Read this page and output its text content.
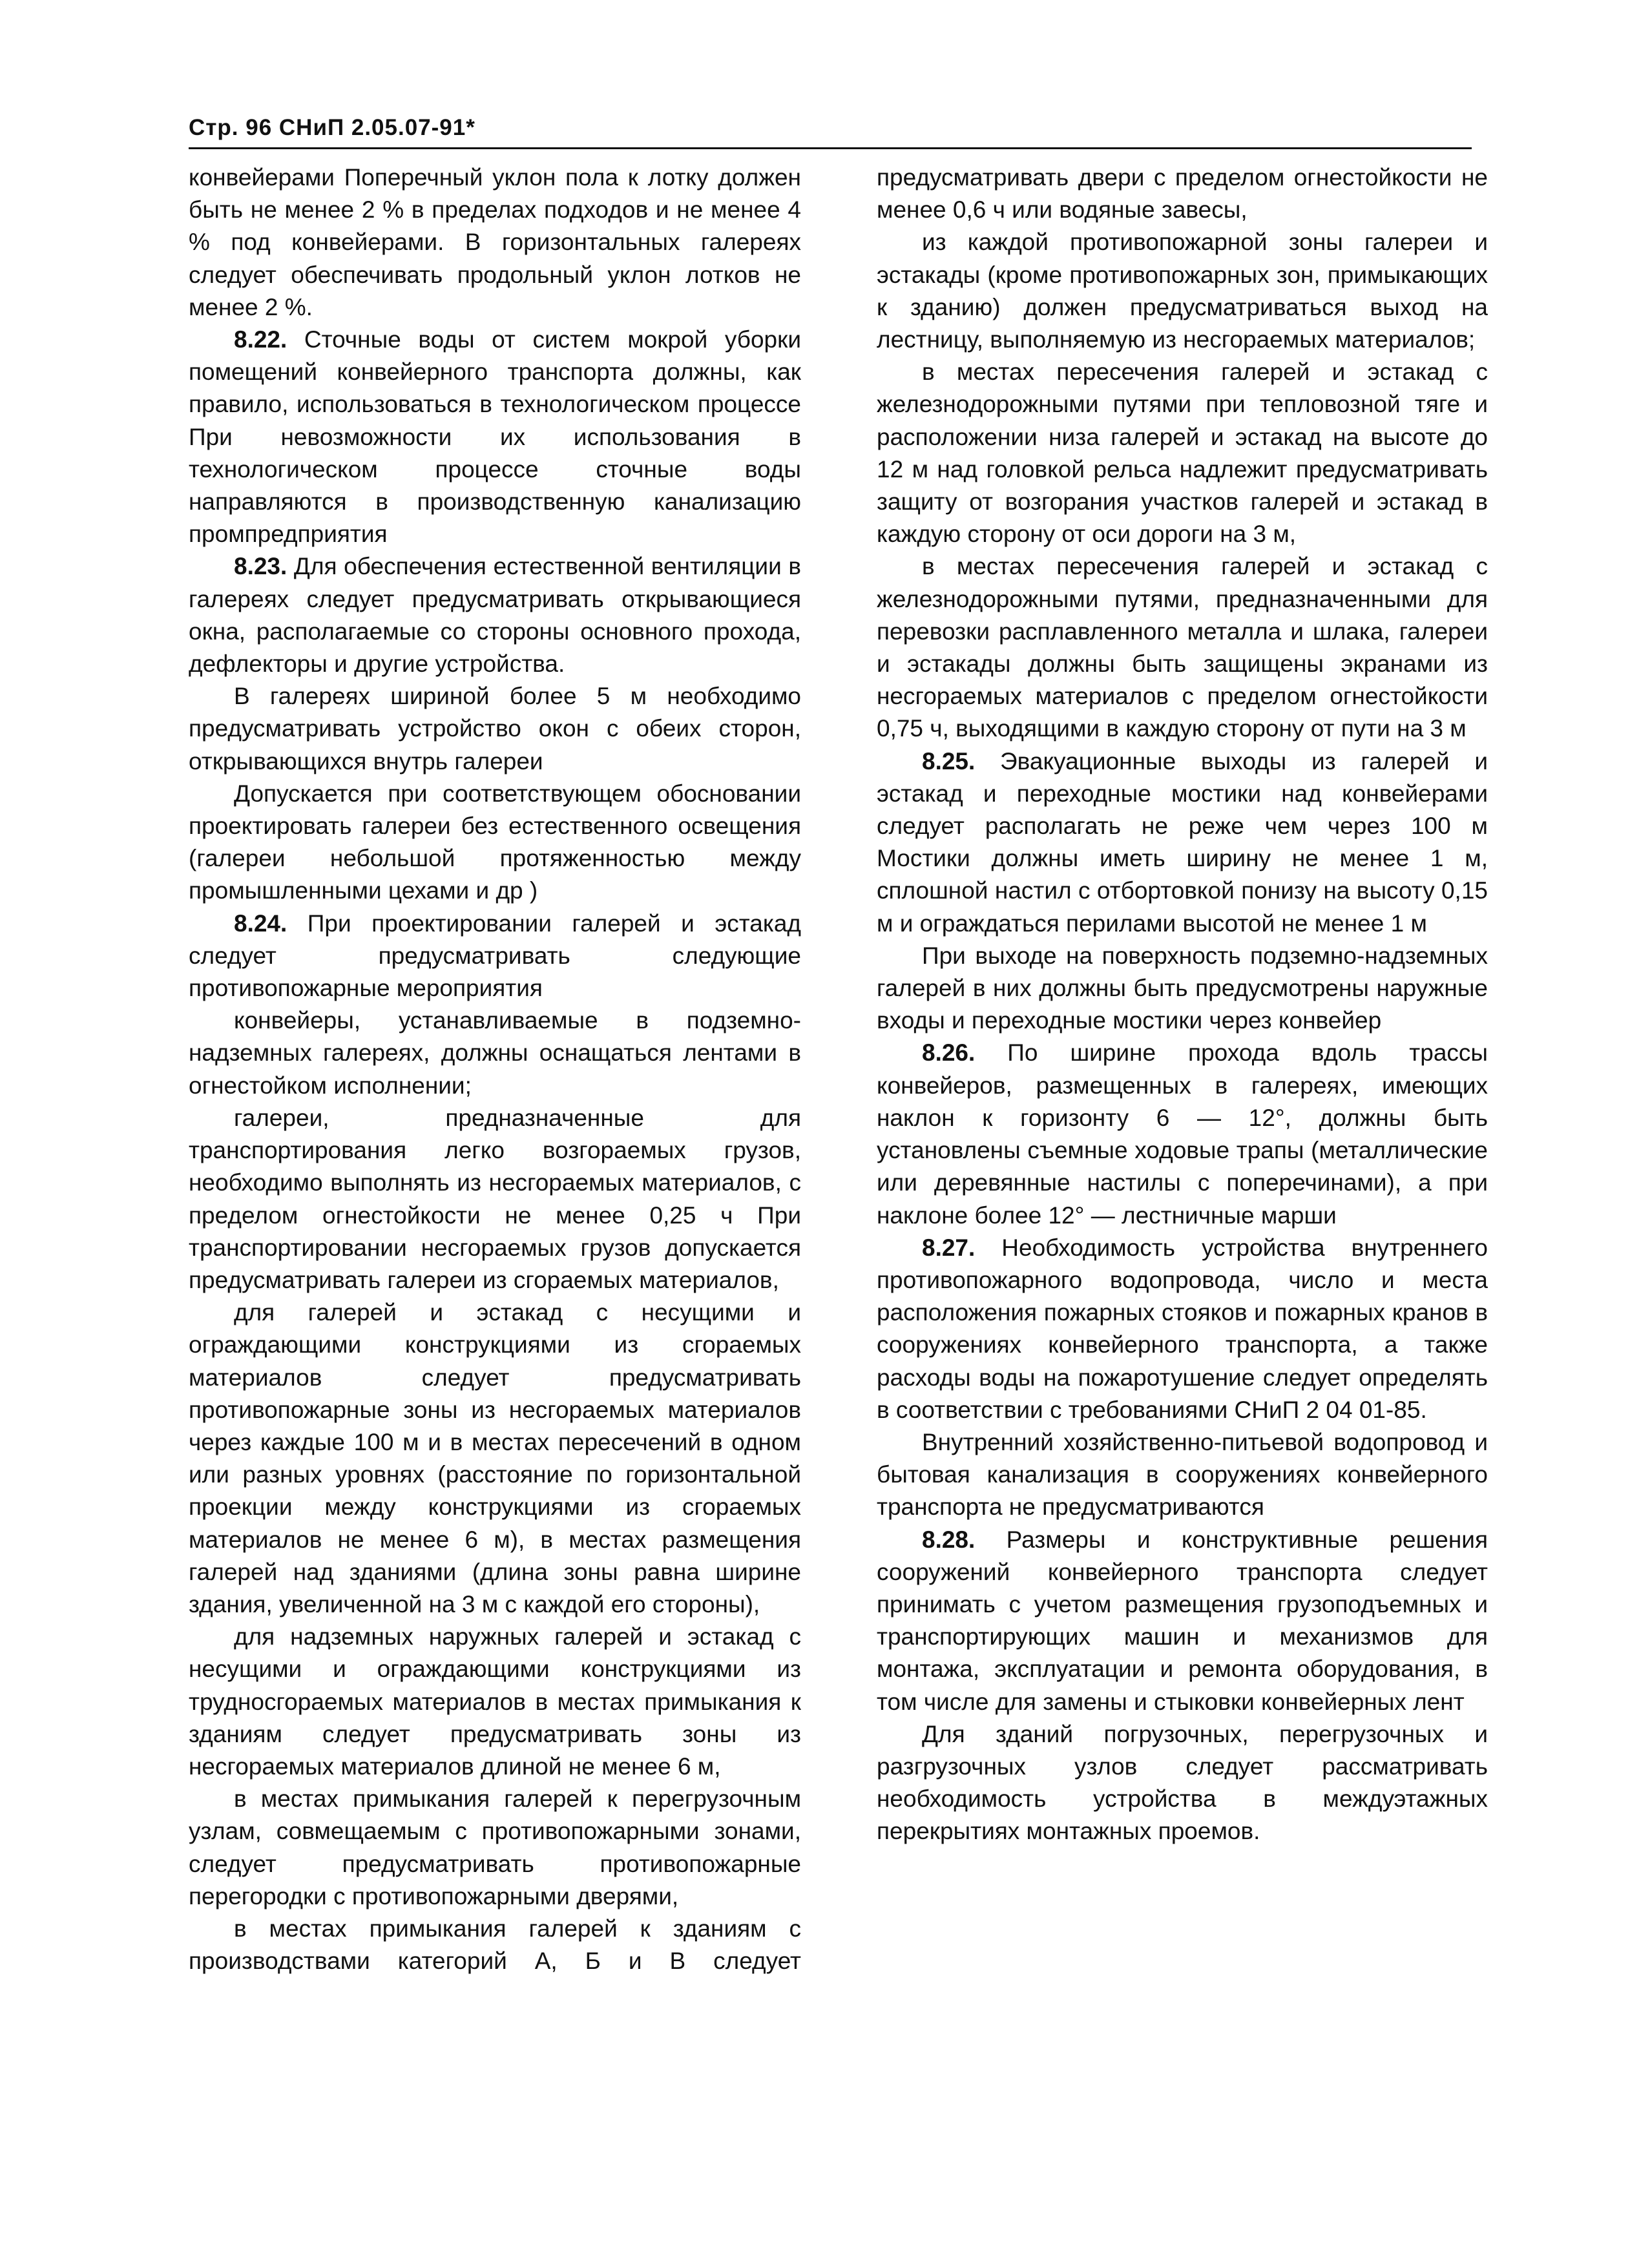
Стр. 96 СНиП 2.05.07-91*

конвейерами Поперечный уклон пола к лотку должен быть не менее 2 % в пределах подходов и не менее 4 % под конвейерами. В горизонтальных галереях следует обеспечивать продольный уклон лотков не менее 2 %.

8.22. Сточные воды от систем мокрой уборки помещений конвейерного транспорта должны, как правило, использоваться в технологическом процессе При невозможности их использования в технологическом процессе сточные воды направляются в производственную канализацию промпредприятия

8.23. Для обеспечения естественной вентиляции в галереях следует предусматривать открывающиеся окна, располагаемые со стороны основного прохода, дефлекторы и другие устройства.

В галереях шириной более 5 м необходимо предусматривать устройство окон с обеих сторон, открывающихся внутрь галереи

Допускается при соответствующем обосновании проектировать галереи без естественного освещения (галереи небольшой протяженностью между промышленными цехами и др )

8.24. При проектировании галерей и эстакад следует предусматривать следующие противопожарные мероприятия

конвейеры, устанавливаемые в подземно-надземных галереях, должны оснащаться лентами в огнестойком исполнении;

галереи, предназначенные для транспортирования легко возгораемых грузов, необходимо выполнять из несгораемых материалов, с пределом огнестойкости не менее 0,25 ч При транспортировании несгораемых грузов допускается предусматривать галереи из сгораемых материалов,

для галерей и эстакад с несущими и ограждающими конструкциями из сгораемых материалов следует предусматривать противопожарные зоны из несгораемых материалов через каждые 100 м и в местах пересечений в одном или разных уровнях (расстояние по горизонтальной проекции между конструкциями из сгораемых материалов не менее 6 м), в местах размещения галерей над зданиями (длина зоны равна ширине здания, увеличенной на 3 м с каждой его стороны),

для надземных наружных галерей и эстакад с несущими и ограждающими конструкциями из трудносгораемых материалов в местах примыкания к зданиям следует предусматривать зоны из несгораемых материалов длиной не менее 6 м,

в местах примыкания галерей к перегрузочным узлам, совмещаемым с противопожарными зонами, следует предусматривать противопожарные перегородки с противопожарными дверями,

в местах примыкания галерей к зданиям с производствами категорий А, Б и В следует

предусматривать двери с пределом огнестойкости не менее 0,6 ч или водяные завесы,

из каждой противопожарной зоны галереи и эстакады (кроме противопожарных зон, примыкающих к зданию) должен предусматриваться выход на лестницу, выполняемую из несгораемых материалов;

в местах пересечения галерей и эстакад с железнодорожными путями при тепловозной тяге и расположении низа галерей и эстакад на высоте до 12 м над головкой рельса надлежит предусматривать защиту от возгорания участков галерей и эстакад в каждую сторону от оси дороги на 3 м,

в местах пересечения галерей и эстакад с железнодорожными путями, предназначенными для перевозки расплавленного металла и шлака, галереи и эстакады должны быть защищены экранами из несгораемых материалов с пределом огнестойкости 0,75 ч, выходящими в каждую сторону от пути на 3 м

8.25. Эвакуационные выходы из галерей и эстакад и переходные мостики над конвейерами следует располагать не реже чем через 100 м Мостики должны иметь ширину не менее 1 м, сплошной настил с отбортовкой понизу на высоту 0,15 м и ограждаться перилами высотой не менее 1 м

При выходе на поверхность подземно-надземных галерей в них должны быть предусмотрены наружные входы и переходные мостики через конвейер

8.26. По ширине прохода вдоль трассы конвейеров, размещенных в галереях, имеющих наклон к горизонту 6 — 12°, должны быть установлены съемные ходовые трапы (металлические или деревянные настилы с поперечинами), а при наклоне более 12° — лестничные марши

8.27. Необходимость устройства внутреннего противопожарного водопровода, число и места расположения пожарных стояков и пожарных кранов в сооружениях конвейерного транспорта, а также расходы воды на пожаротушение следует определять в соответствии с требованиями СНиП 2 04 01-85.

Внутренний хозяйственно-питьевой водопровод и бытовая канализация в сооружениях конвейерного транспорта не предусматриваются

8.28. Размеры и конструктивные решения сооружений конвейерного транспорта следует принимать с учетом размещения грузоподъемных и транспортирующих машин и механизмов для монтажа, эксплуатации и ремонта оборудования, в том числе для замены и стыковки конвейерных лент

Для зданий погрузочных, перегрузочных и разгрузочных узлов следует рассматривать необходимость устройства в междуэтажных перекрытиях монтажных проемов.
